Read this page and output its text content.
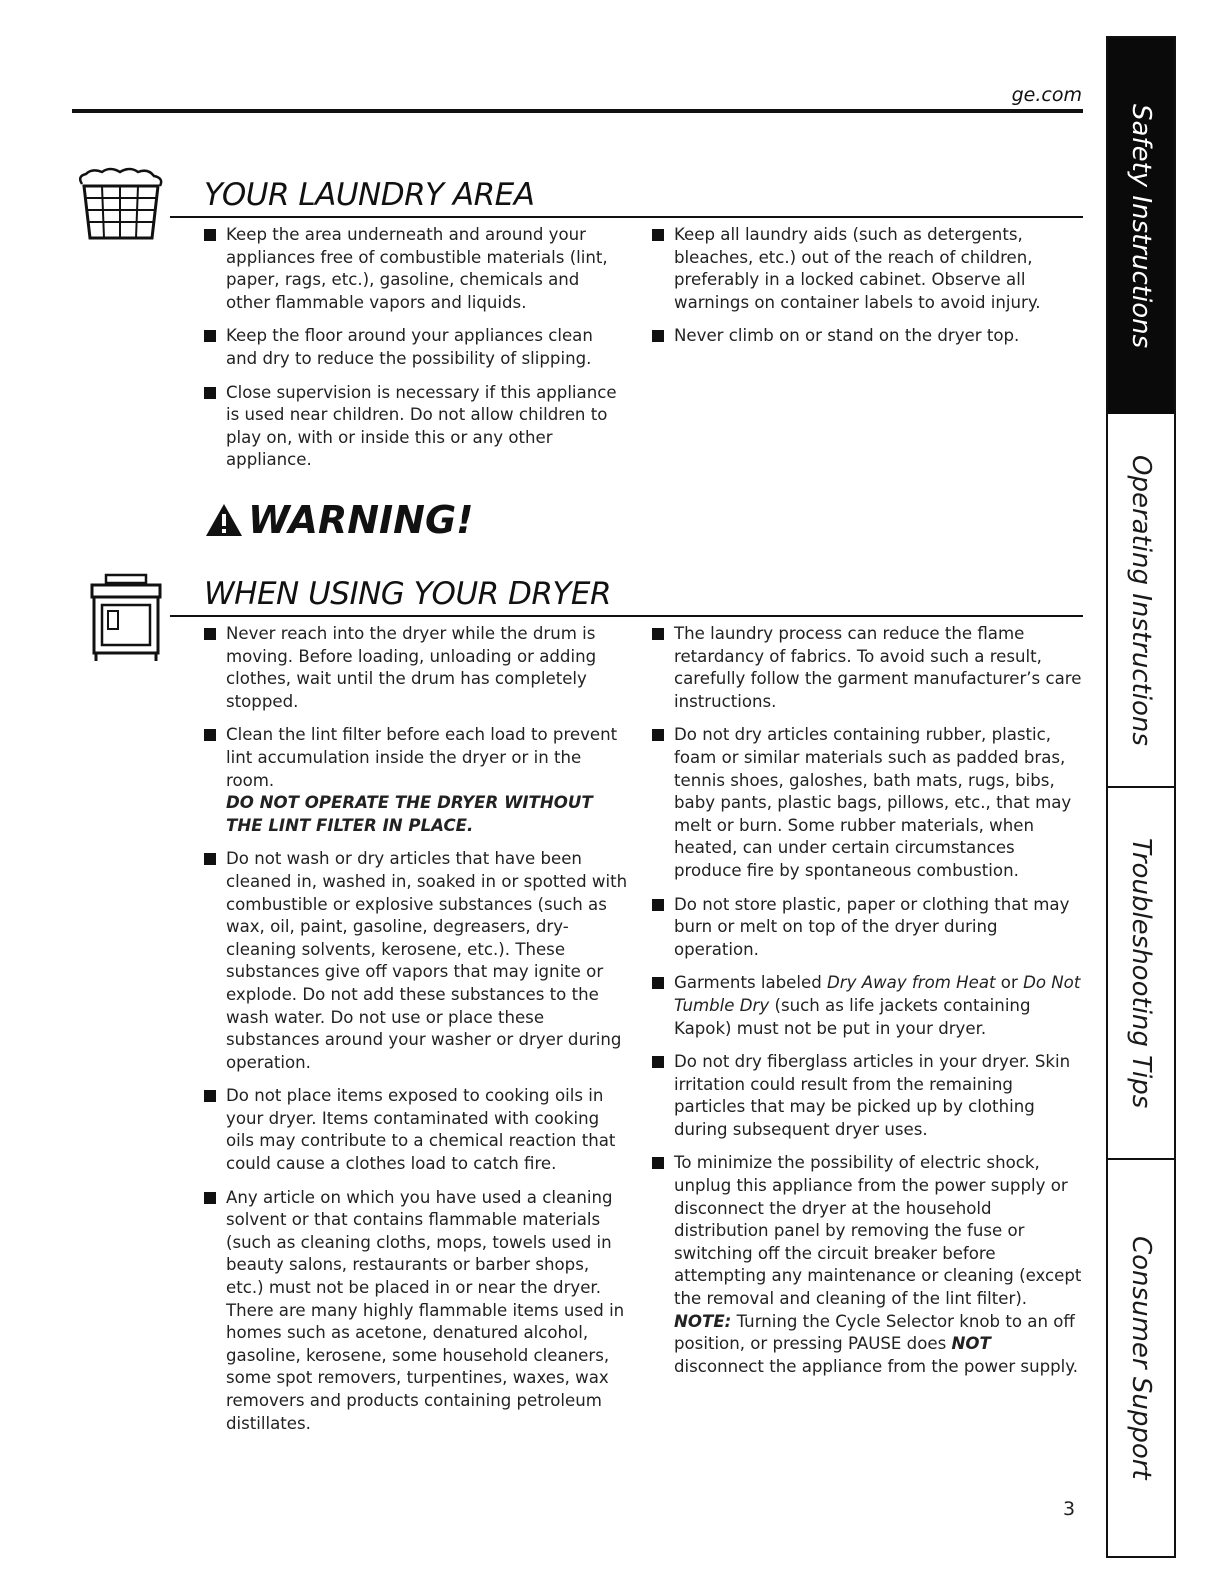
ge.com
YOUR LAUNDRY AREA

Keep the area underneath and around your appliances free of combustible materials (lint, paper, rags, etc.), gasoline, chemicals and other flammable vapors and liquids.

Keep the floor around your appliances clean and dry to reduce the possibility of slipping.

Close supervision is necessary if this appliance is used near children. Do not allow children to play on, with or inside this or any other appliance.

Keep all laundry aids (such as detergents, bleaches, etc.) out of the reach of children, preferably in a locked cabinet. Observe all warnings on container labels to avoid injury.

Never climb on or stand on the dryer top.

WARNING!
WHEN USING YOUR DRYER

Never reach into the dryer while the drum is moving. Before loading, unloading or adding clothes, wait until the drum has completely stopped.

Clean the lint filter before each load to prevent lint accumulation inside the dryer or in the room.
DO NOT OPERATE THE DRYER WITHOUT THE LINT FILTER IN PLACE.

Do not wash or dry articles that have been cleaned in, washed in, soaked in or spotted with combustible or explosive substances (such as wax, oil, paint, gasoline, degreasers, dry-cleaning solvents, kerosene, etc.). These substances give off vapors that may ignite or explode. Do not add these substances to the wash water. Do not use or place these substances around your washer or dryer during operation.

Do not place items exposed to cooking oils in your dryer. Items contaminated with cooking oils may contribute to a chemical reaction that could cause a clothes load to catch fire.

Any article on which you have used a cleaning solvent or that contains flammable materials (such as cleaning cloths, mops, towels used in beauty salons, restaurants or barber shops, etc.) must not be placed in or near the dryer. There are many highly flammable items used in homes such as acetone, denatured alcohol, gasoline, kerosene, some household cleaners, some spot removers, turpentines, waxes, wax removers and products containing petroleum distillates.

The laundry process can reduce the flame retardancy of fabrics. To avoid such a result, carefully follow the garment manufacturer’s care instructions.

Do not dry articles containing rubber, plastic, foam or similar materials such as padded bras, tennis shoes, galoshes, bath mats, rugs, bibs, baby pants, plastic bags, pillows, etc., that may melt or burn. Some rubber materials, when heated, can under certain circumstances produce fire by spontaneous combustion.

Do not store plastic, paper or clothing that may burn or melt on top of the dryer during operation.

Garments labeled Dry Away from Heat or Do Not Tumble Dry (such as life jackets containing Kapok) must not be put in your dryer.

Do not dry fiberglass articles in your dryer. Skin irritation could result from the remaining particles that may be picked up by clothing during subsequent dryer uses.

To minimize the possibility of electric shock, unplug this appliance from the power supply or disconnect the dryer at the household distribution panel by removing the fuse or switching off the circuit breaker before attempting any maintenance or cleaning (except the removal and cleaning of the lint filter). NOTE: Turning the Cycle Selector knob to an off position, or pressing PAUSE does NOT disconnect the appliance from the power supply.

Safety Instructions
Operating Instructions
Troubleshooting Tips
Consumer Support
3
